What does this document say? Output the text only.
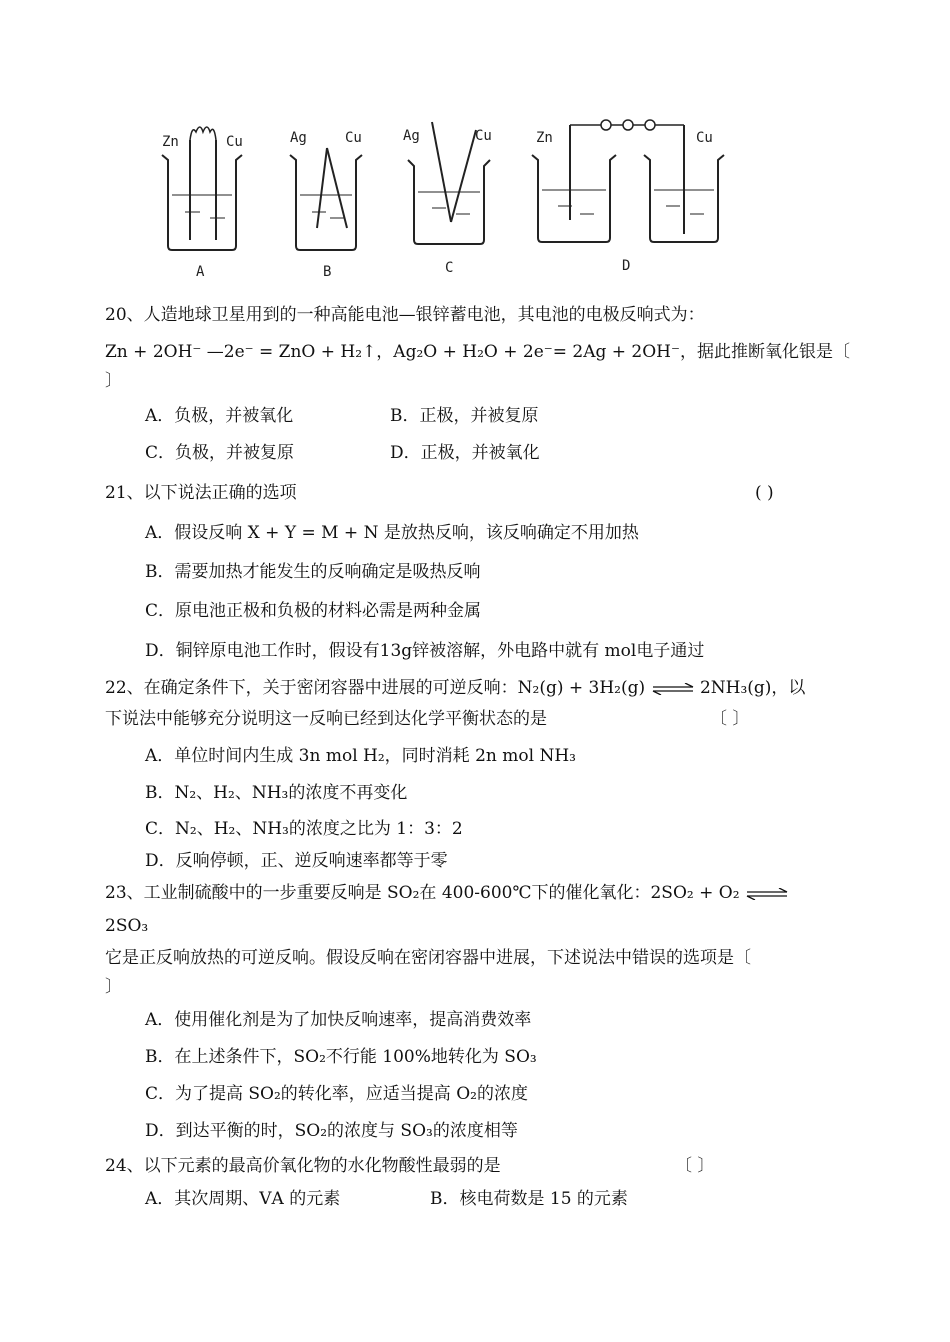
Zn	Cu
A
Ag	Cu
B
Ag	Cu
C
Zn	Cu
D
20、人造地球卫星用到的一种高能电池—银锌蓄电池，其电池的电极反响式为：
Zn + 2OH⁻ —2e⁻ = ZnO + H₂↑，Ag₂O + H₂O + 2e⁻= 2Ag + 2OH⁻，据此推断氧化银是〔
〕
A．负极，并被氧化	B．正极，并被复原
C．负极，并被复原	D．正极，并被氧化
21、以下说法正确的选项	( )
A．假设反响 X + Y = M + N 是放热反响，该反响确定不用加热
B．需要加热才能发生的反响确定是吸热反响
C．原电池正极和负极的材料必需是两种金属
D．铜锌原电池工作时，假设有13g锌被溶解，外电路中就有 mol电子通过
22、在确定条件下，关于密闭容器中进展的可逆反响：N₂(g) + 3H₂(g) ⇌ 2NH₃(g)，以
下说法中能够充分说明这一反响已经到达化学平衡状态的是	〔 〕
A．单位时间内生成 3n mol H₂，同时消耗 2n mol NH₃
B．N₂、H₂、NH₃的浓度不再变化
C．N₂、H₂、NH₃的浓度之比为 1：3：2
D．反响停顿，正、逆反响速率都等于零
23、工业制硫酸中的一步重要反响是 SO₂在 400-600℃下的催化氧化：2SO₂ + O₂ ⇌
2SO₃
它是正反响放热的可逆反响。假设反响在密闭容器中进展，下述说法中错误的选项是〔
〕
A．使用催化剂是为了加快反响速率，提高消费效率
B．在上述条件下，SO₂不行能 100%地转化为 SO₃
C．为了提高 SO₂的转化率，应适当提高 O₂的浓度
D．到达平衡的时，SO₂的浓度与 SO₃的浓度相等
24、以下元素的最高价氧化物的水化物酸性最弱的是	〔 〕
A．其次周期、ⅤA 的元素	B．核电荷数是 15 的元素
